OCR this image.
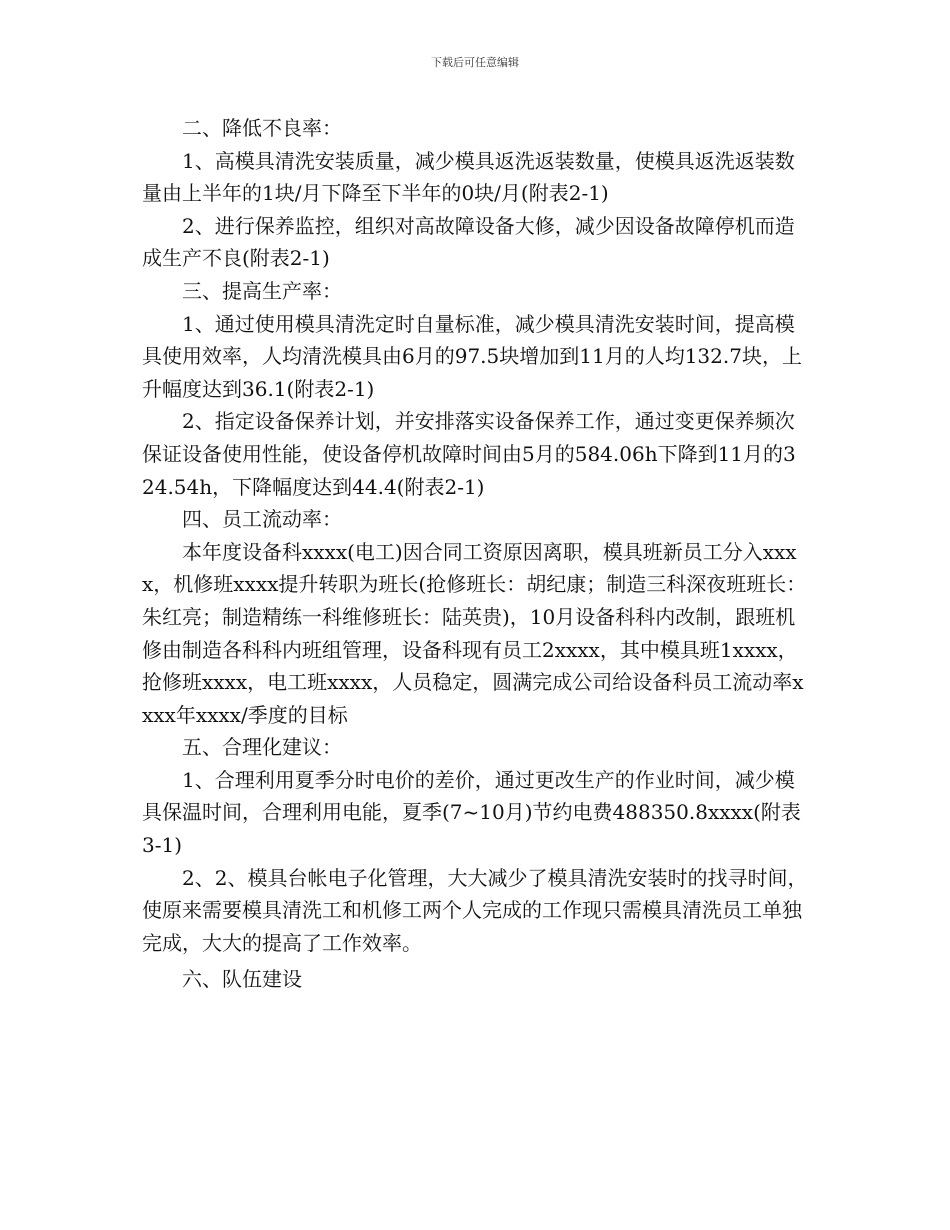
下载后可任意编辑
二、降低不良率：

1、高模具清洗安装质量，减少模具返洗返装数量，使模具返洗返装数量由上半年的1块/月下降至下半年的0块/月(附表2-1)

2、进行保养监控，组织对高故障设备大修，减少因设备故障停机而造成生产不良(附表2-1)

三、提高生产率：

1、通过使用模具清洗定时自量标准，减少模具清洗安装时间，提高模具使用效率，人均清洗模具由6月的97.5块增加到11月的人均132.7块，上升幅度达到36.1(附表2-1)

2、指定设备保养计划，并安排落实设备保养工作，通过变更保养频次保证设备使用性能，使设备停机故障时间由5月的584.06h下降到11月的324.54h，下降幅度达到44.4(附表2-1)

四、员工流动率：

本年度设备科xxxx(电工)因合同工资原因离职，模具班新员工分入xxxx，机修班xxxx提升转职为班长(抢修班长：胡纪康；制造三科深夜班班长：朱红亮；制造精练一科维修班长：陆英贵)，10月设备科科内改制，跟班机修由制造各科科内班组管理，设备科现有员工2xxxx，其中模具班1xxxx，抢修班xxxx，电工班xxxx，人员稳定，圆满完成公司给设备科员工流动率xxxx年xxxx/季度的目标

五、合理化建议：

1、合理利用夏季分时电价的差价，通过更改生产的作业时间，减少模具保温时间，合理利用电能，夏季(7~10月)节约电费488350.8xxxx(附表3-1)

2、2、模具台帐电子化管理，大大减少了模具清洗安装时的找寻时间，使原来需要模具清洗工和机修工两个人完成的工作现只需模具清洗员工单独完成，大大的提高了工作效率。

六、队伍建设
